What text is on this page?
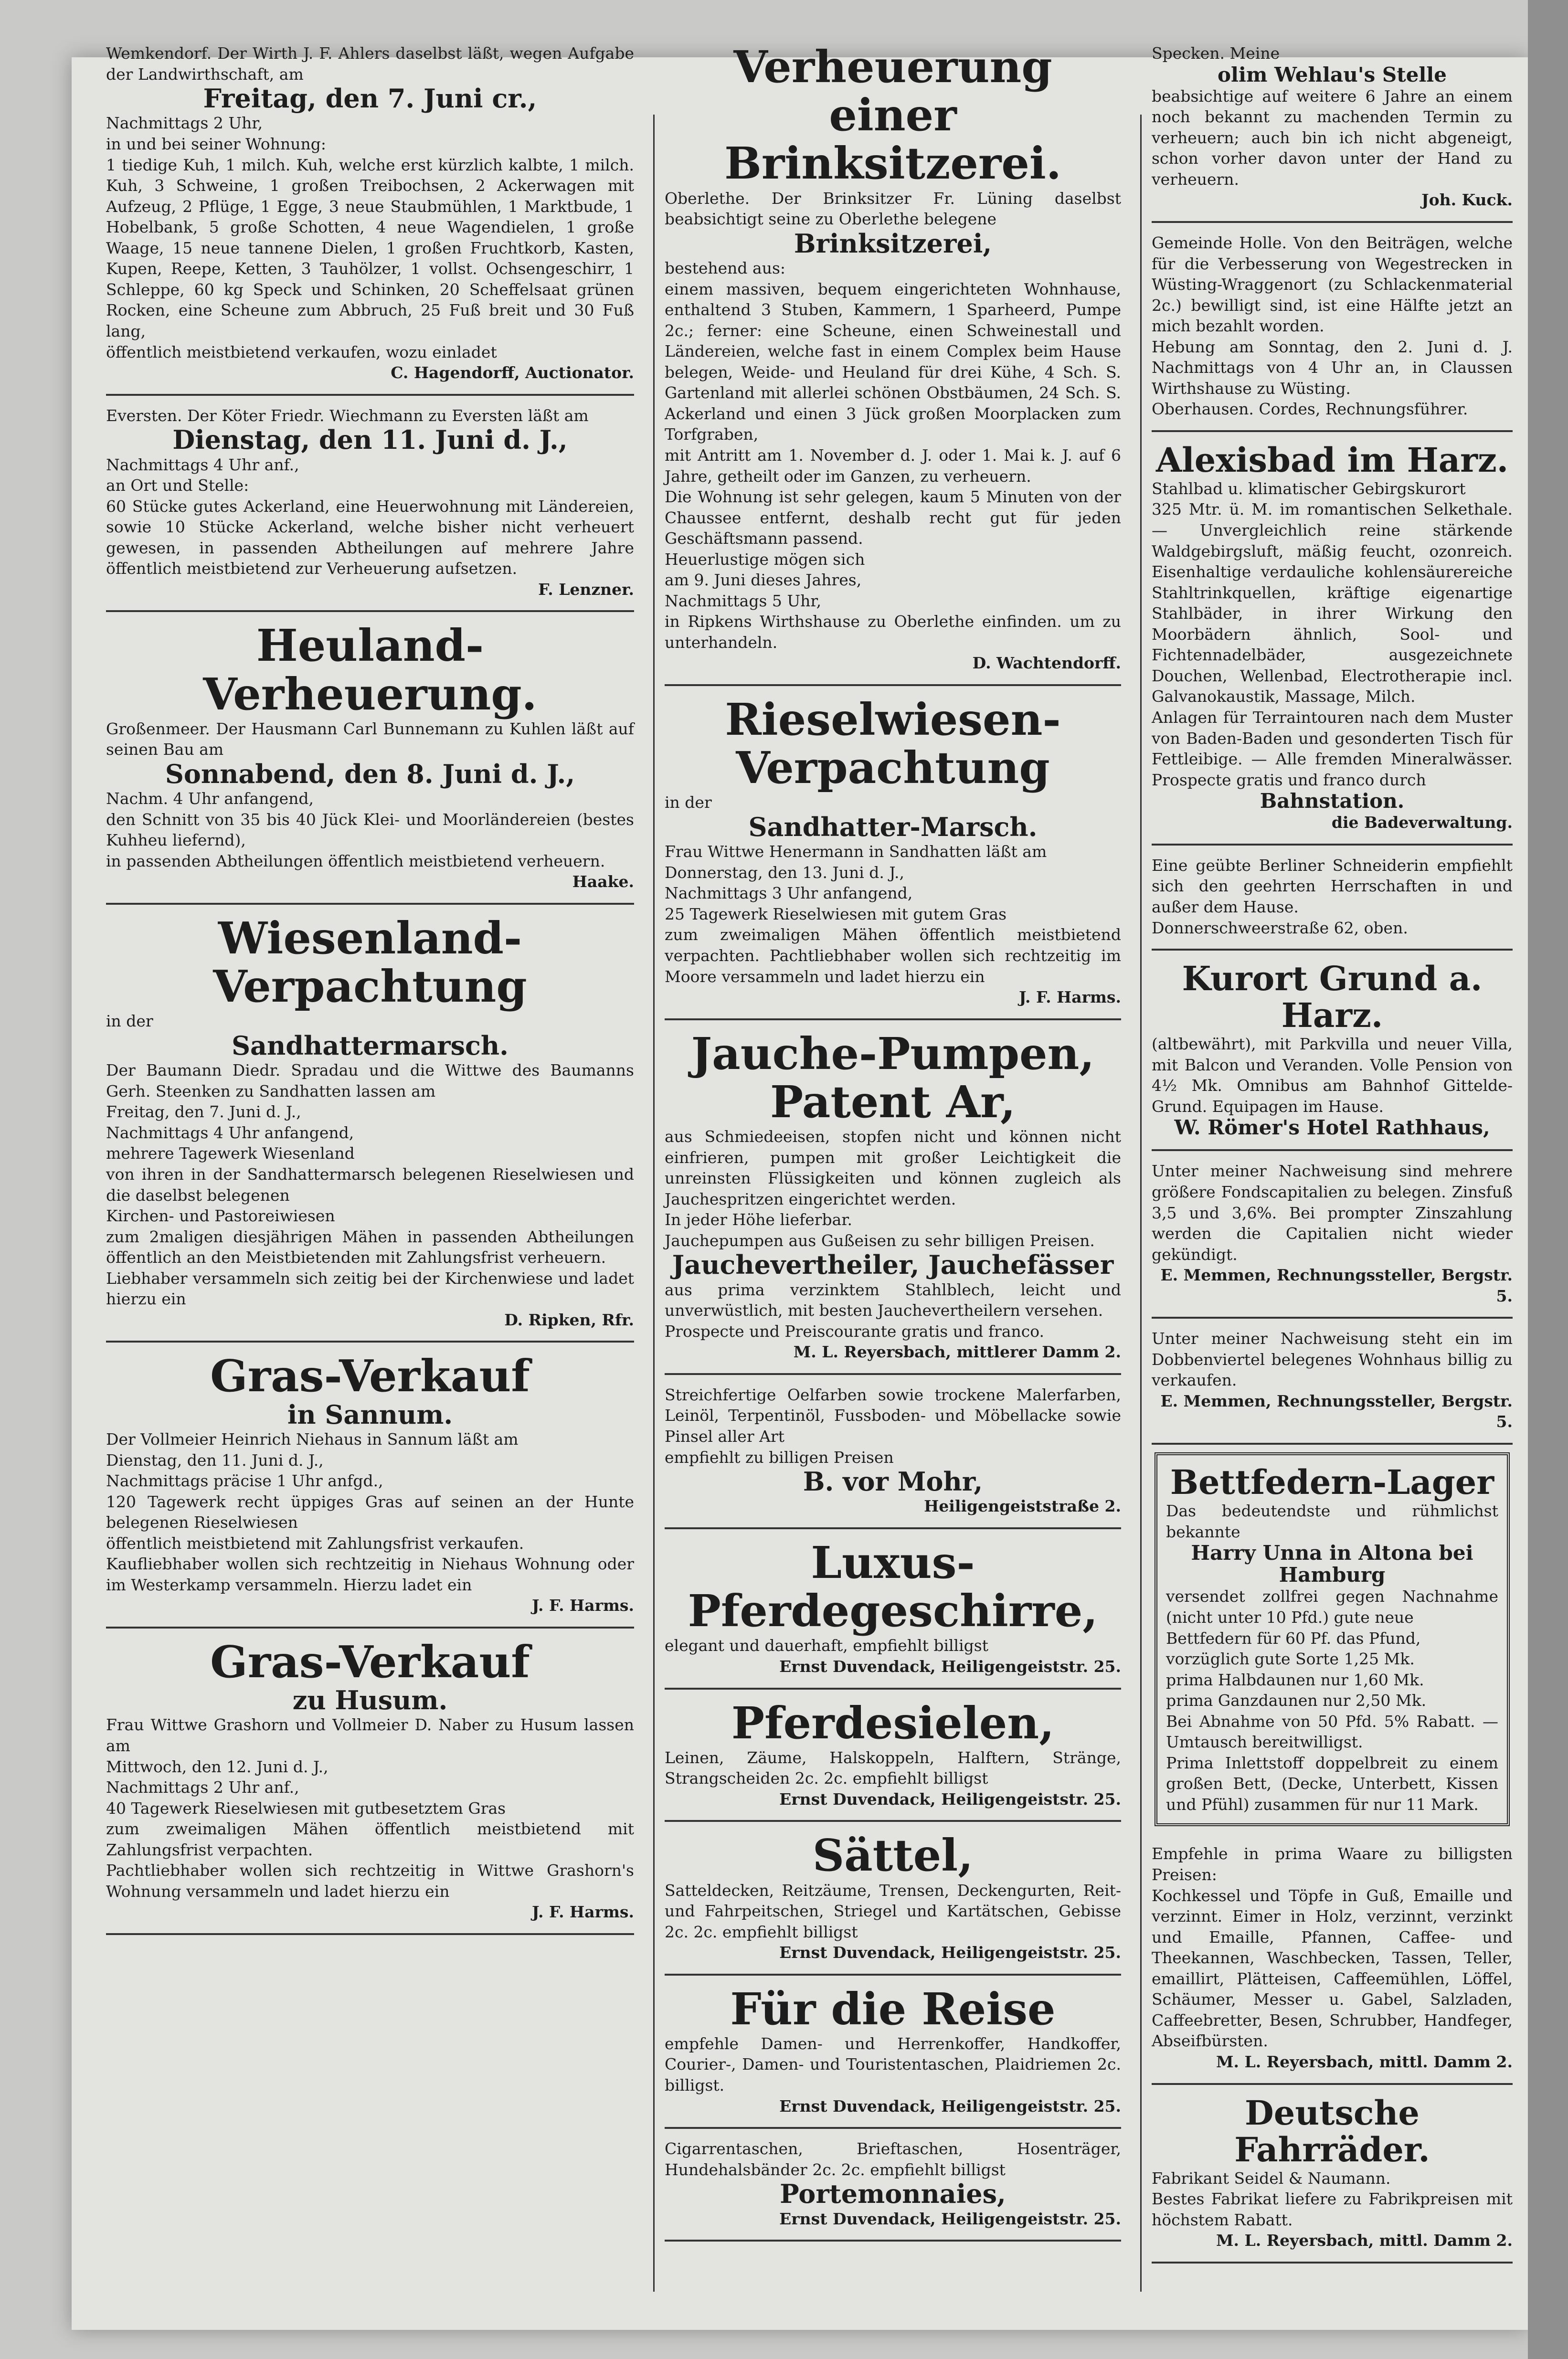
Wemkendorf. Der Wirth J. F. Ahlers daselbst läßt, wegen Aufgabe der Landwirthschaft, am

Freitag, den 7. Juni cr.,

Nachmittags 2 Uhr,

in und bei seiner Wohnung:

1 tiedige Kuh, 1 milch. Kuh, welche erst kürzlich kalbte, 1 milch. Kuh, 3 Schweine, 1 großen Treibochsen, 2 Ackerwagen mit Aufzeug, 2 Pflüge, 1 Egge, 3 neue Staubmühlen, 1 Marktbude, 1 Hobelbank, 5 große Schotten, 4 neue Wagendielen, 1 große Waage, 15 neue tannene Dielen, 1 großen Fruchtkorb, Kasten, Kupen, Reepe, Ketten, 3 Tauhölzer, 1 vollst. Ochsengeschirr, 1 Schleppe, 60 kg Speck und Schinken, 20 Scheffelsaat grünen Rocken, eine Scheune zum Abbruch, 25 Fuß breit und 30 Fuß lang,

öffentlich meistbietend verkaufen, wozu einladet

C. Hagendorff, Auctionator.

Eversten. Der Köter Friedr. Wiechmann zu Eversten läßt am

Dienstag, den 11. Juni d. J.,

Nachmittags 4 Uhr anf.,

an Ort und Stelle:

60 Stücke gutes Ackerland, eine Heuerwohnung mit Ländereien, sowie 10 Stücke Ackerland, welche bisher nicht verheuert gewesen, in passenden Abtheilungen auf mehrere Jahre öffentlich meistbietend zur Verheuerung aufsetzen.

F. Lenzner.

Heuland-Verheuerung.

Großenmeer. Der Hausmann Carl Bunnemann zu Kuhlen läßt auf seinen Bau am

Sonnabend, den 8. Juni d. J.,

Nachm. 4 Uhr anfangend,

den Schnitt von 35 bis 40 Jück Klei- und Moorländereien (bestes Kuhheu liefernd),

in passenden Abtheilungen öffentlich meistbietend verheuern.

Haake.

Wiesenland-Verpachtung

in der

Sandhattermarsch.

Der Baumann Diedr. Spradau und die Wittwe des Baumanns Gerh. Steenken zu Sandhatten lassen am

Freitag, den 7. Juni d. J.,

Nachmittags 4 Uhr anfangend,

mehrere Tagewerk Wiesenland

von ihren in der Sandhattermarsch belegenen Rieselwiesen und die daselbst belegenen

Kirchen- und Pastoreiwiesen

zum 2maligen diesjährigen Mähen in passenden Abtheilungen öffentlich an den Meistbietenden mit Zahlungsfrist verheuern.

Liebhaber versammeln sich zeitig bei der Kirchenwiese und ladet hierzu ein

D. Ripken, Rfr.

Gras-Verkauf
in Sannum.

Der Vollmeier Heinrich Niehaus in Sannum läßt am

Dienstag, den 11. Juni d. J.,

Nachmittags präcise 1 Uhr anfgd.,

120 Tagewerk recht üppiges Gras auf seinen an der Hunte belegenen Rieselwiesen

öffentlich meistbietend mit Zahlungsfrist verkaufen.

Kaufliebhaber wollen sich rechtzeitig in Niehaus Wohnung oder im Westerkamp versammeln. Hierzu ladet ein

J. F. Harms.

Gras-Verkauf
zu Husum.

Frau Wittwe Grashorn und Vollmeier D. Naber zu Husum lassen am

Mittwoch, den 12. Juni d. J.,

Nachmittags 2 Uhr anf.,

40 Tagewerk Rieselwiesen mit gutbesetztem Gras

zum zweimaligen Mähen öffentlich meistbietend mit Zahlungsfrist verpachten.

Pachtliebhaber wollen sich rechtzeitig in Wittwe Grashorn's Wohnung versammeln und ladet hierzu ein

J. F. Harms.

Verheuerung einer Brinksitzerei.

Oberlethe. Der Brinksitzer Fr. Lüning daselbst beabsichtigt seine zu Oberlethe belegene

Brinksitzerei,

bestehend aus:

einem massiven, bequem eingerichteten Wohnhause, enthaltend 3 Stuben, Kammern, 1 Sparheerd, Pumpe 2c.; ferner: eine Scheune, einen Schweinestall und Ländereien, welche fast in einem Complex beim Hause belegen, Weide- und Heuland für drei Kühe, 4 Sch. S. Gartenland mit allerlei schönen Obstbäumen, 24 Sch. S. Ackerland und einen 3 Jück großen Moorplacken zum Torfgraben,

mit Antritt am 1. November d. J. oder 1. Mai k. J. auf 6 Jahre, getheilt oder im Ganzen, zu verheuern.

Die Wohnung ist sehr gelegen, kaum 5 Minuten von der Chaussee entfernt, deshalb recht gut für jeden Geschäftsmann passend.

Heuerlustige mögen sich

am 9. Juni dieses Jahres,

Nachmittags 5 Uhr,

in Ripkens Wirthshause zu Oberlethe einfinden. um zu unterhandeln.

D. Wachtendorff.

Rieselwiesen-Verpachtung

in der

Sandhatter-Marsch.

Frau Wittwe Henermann in Sandhatten läßt am

Donnerstag, den 13. Juni d. J.,

Nachmittags 3 Uhr anfangend,

25 Tagewerk Rieselwiesen mit gutem Gras

zum zweimaligen Mähen öffentlich meistbietend verpachten. Pachtliebhaber wollen sich rechtzeitig im Moore versammeln und ladet hierzu ein

J. F. Harms.

Jauche-Pumpen, Patent Ar,

aus Schmiedeeisen, stopfen nicht und können nicht einfrieren, pumpen mit großer Leichtigkeit die unreinsten Flüssigkeiten und können zugleich als Jauchespritzen eingerichtet werden.

In jeder Höhe lieferbar.

Jauchepumpen aus Gußeisen zu sehr billigen Preisen.

Jauchevertheiler, Jauchefässer

aus prima verzinktem Stahlblech, leicht und unverwüstlich, mit besten Jauchevertheilern versehen.

Prospecte und Preiscourante gratis und franco.

M. L. Reyersbach, mittlerer Damm 2.

Streichfertige Oelfarben sowie trockene Malerfarben, Leinöl, Terpentinöl, Fussboden- und Möbellacke sowie Pinsel aller Art

empfiehlt zu billigen Preisen

B. vor Mohr,

Heiligengeiststraße 2.

Luxus-Pferdegeschirre,

elegant und dauerhaft, empfiehlt billigst

Ernst Duvendack, Heiligengeiststr. 25.

Pferdesielen,

Leinen, Zäume, Halskoppeln, Halftern, Stränge, Strangscheiden 2c. 2c. empfiehlt billigst

Ernst Duvendack, Heiligengeiststr. 25.

Sättel,

Satteldecken, Reitzäume, Trensen, Deckengurten, Reit- und Fahrpeitschen, Striegel und Kartätschen, Gebisse 2c. 2c. empfiehlt billigst

Ernst Duvendack, Heiligengeiststr. 25.

Für die Reise

empfehle Damen- und Herrenkoffer, Handkoffer, Courier-, Damen- und Touristentaschen, Plaidriemen 2c. billigst.

Ernst Duvendack, Heiligengeiststr. 25.

Cigarrentaschen, Brieftaschen, Hosenträger, Hundehalsbänder 2c. 2c. empfiehlt billigst

Portemonnaies,

Ernst Duvendack, Heiligengeiststr. 25.

Specken. Meine

olim Wehlau's Stelle

beabsichtige auf weitere 6 Jahre an einem noch bekannt zu machenden Termin zu verheuern; auch bin ich nicht abgeneigt, schon vorher davon unter der Hand zu verheuern.

Joh. Kuck.

Gemeinde Holle. Von den Beiträgen, welche für die Verbesserung von Wegestrecken in Wüsting-Wraggenort (zu Schlackenmaterial 2c.) bewilligt sind, ist eine Hälfte jetzt an mich bezahlt worden.

Hebung am Sonntag, den 2. Juni d. J. Nachmittags von 4 Uhr an, in Claussen Wirthshause zu Wüsting.

Oberhausen. Cordes, Rechnungsführer.

Alexisbad im Harz.

Stahlbad u. klimatischer Gebirgskurort

325 Mtr. ü. M. im romantischen Selkethale. — Unvergleichlich reine stärkende Waldgebirgsluft, mäßig feucht, ozonreich. Eisenhaltige verdauliche kohlensäurereiche Stahltrinkquellen, kräftige eigenartige Stahlbäder, in ihrer Wirkung den Moorbädern ähnlich, Sool- und Fichtennadelbäder, ausgezeichnete Douchen, Wellenbad, Electrotherapie incl. Galvanokaustik, Massage, Milch.

Anlagen für Terraintouren nach dem Muster von Baden-Baden und gesonderten Tisch für Fettleibige. — Alle fremden Mineralwässer. Prospecte gratis und franco durch

Bahnstation.

die Badeverwaltung.

Eine geübte Berliner Schneiderin empfiehlt sich den geehrten Herrschaften in und außer dem Hause.

Donnerschweerstraße 62, oben.

Kurort Grund a. Harz.

(altbewährt), mit Parkvilla und neuer Villa, mit Balcon und Veranden. Volle Pension von 4½ Mk. Omnibus am Bahnhof Gittelde-Grund. Equipagen im Hause.

W. Römer's Hotel Rathhaus,

Unter meiner Nachweisung sind mehrere größere Fondscapitalien zu belegen. Zinsfuß 3,5 und 3,6%. Bei prompter Zinszahlung werden die Capitalien nicht wieder gekündigt.

E. Memmen, Rechnungssteller, Bergstr. 5.

Unter meiner Nachweisung steht ein im Dobbenviertel belegenes Wohnhaus billig zu verkaufen.

E. Memmen, Rechnungssteller, Bergstr. 5.

Bettfedern-Lager

Das bedeutendste und rühmlichst bekannte

Harry Unna in Altona bei Hamburg

versendet zollfrei gegen Nachnahme (nicht unter 10 Pfd.) gute neue

Bettfedern für 60 Pf. das Pfund,

vorzüglich gute Sorte 1,25 Mk.

prima Halbdaunen nur 1,60 Mk.

prima Ganzdaunen nur 2,50 Mk.

Bei Abnahme von 50 Pfd. 5% Rabatt. — Umtausch bereitwilligst.

Prima Inlettstoff doppelbreit zu einem großen Bett, (Decke, Unterbett, Kissen und Pfühl) zusammen für nur 11 Mark.

Empfehle in prima Waare zu billigsten Preisen:

Kochkessel und Töpfe in Guß, Emaille und verzinnt. Eimer in Holz, verzinnt, verzinkt und Emaille, Pfannen, Caffee- und Theekannen, Waschbecken, Tassen, Teller, emaillirt, Plätteisen, Caffeemühlen, Löffel, Schäumer, Messer u. Gabel, Salzladen, Caffeebretter, Besen, Schrubber, Handfeger, Abseifbürsten.

M. L. Reyersbach, mittl. Damm 2.

Deutsche Fahrräder.

Fabrikant Seidel & Naumann.

Bestes Fabrikat liefere zu Fabrikpreisen mit höchstem Rabatt.

M. L. Reyersbach, mittl. Damm 2.
